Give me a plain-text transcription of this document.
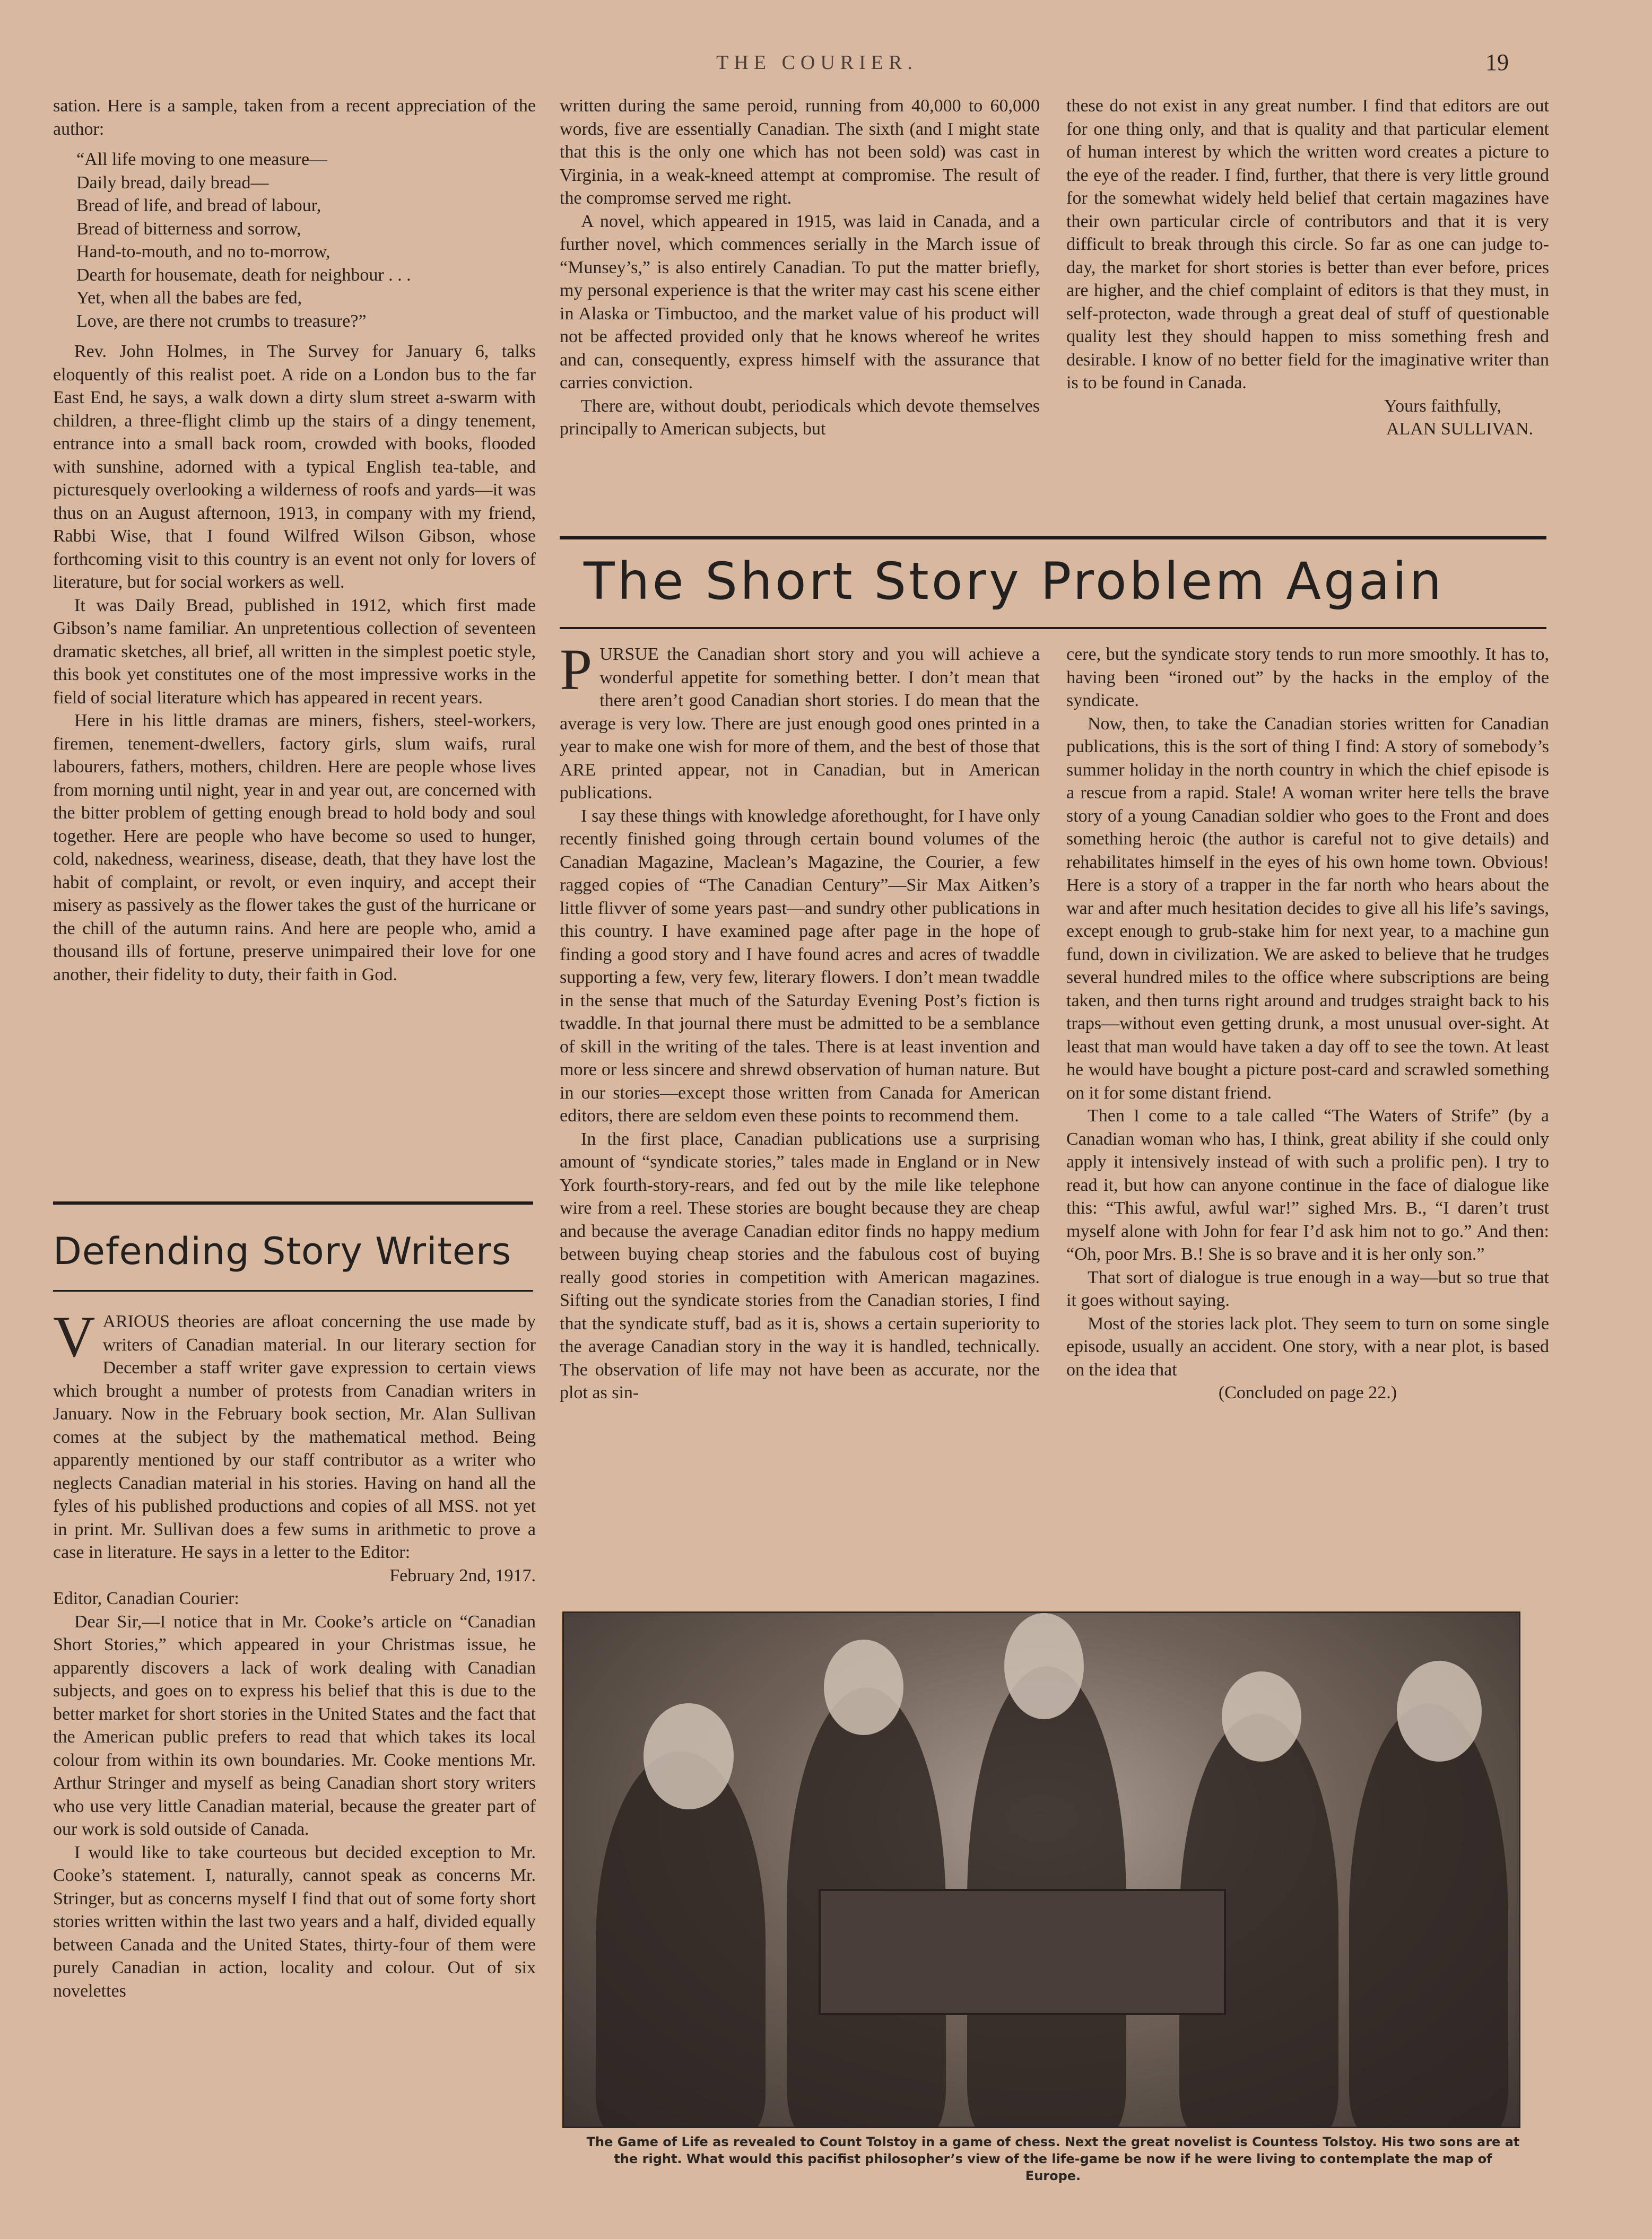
THE COURIER.	19

sation. Here is a sample, taken from a recent appreciation of the author:

“All life moving to one measure—
Daily bread, daily bread—
Bread of life, and bread of labour,
Bread of bitterness and sorrow,
Hand-to-mouth, and no to-morrow,
Dearth for housemate, death for neighbour . . .
Yet, when all the babes are fed,
Love, are there not crumbs to treasure?”

Rev. John Holmes, in The Survey for January 6, talks eloquently of this realist poet. A ride on a London bus to the far East End, he says, a walk down a dirty slum street a-swarm with children, a three-flight climb up the stairs of a dingy tenement, entrance into a small back room, crowded with books, flooded with sunshine, adorned with a typical English tea-table, and picturesquely overlooking a wilderness of roofs and yards—it was thus on an August afternoon, 1913, in company with my friend, Rabbi Wise, that I found Wilfred Wilson Gibson, whose forthcoming visit to this country is an event not only for lovers of literature, but for social workers as well.

It was Daily Bread, published in 1912, which first made Gibson’s name familiar. An unpretentious collection of seventeen dramatic sketches, all brief, all written in the simplest poetic style, this book yet constitutes one of the most impressive works in the field of social literature which has appeared in recent years.

Here in his little dramas are miners, fishers, steel-workers, firemen, tenement-dwellers, factory girls, slum waifs, rural labourers, fathers, mothers, children. Here are people whose lives from morning until night, year in and year out, are concerned with the bitter problem of getting enough bread to hold body and soul together. Here are people who have become so used to hunger, cold, nakedness, weariness, disease, death, that they have lost the habit of complaint, or revolt, or even inquiry, and accept their misery as passively as the flower takes the gust of the hurricane or the chill of the autumn rains. And here are people who, amid a thousand ills of fortune, preserve unimpaired their love for one another, their fidelity to duty, their faith in God.

Defending Story Writers

VARIOUS theories are afloat concerning the use made by writers of Canadian material. In our literary section for December a staff writer gave expression to certain views which brought a number of protests from Canadian writers in January. Now in the February book section, Mr. Alan Sullivan comes at the subject by the mathematical method. Being apparently mentioned by our staff contributor as a writer who neglects Canadian material in his stories. Having on hand all the fyles of his published productions and copies of all MSS. not yet in print. Mr. Sullivan does a few sums in arithmetic to prove a case in literature. He says in a letter to the Editor:

February 2nd, 1917.

Editor, Canadian Courier:

Dear Sir,—I notice that in Mr. Cooke’s article on “Canadian Short Stories,” which appeared in your Christmas issue, he apparently discovers a lack of work dealing with Canadian subjects, and goes on to express his belief that this is due to the better market for short stories in the United States and the fact that the American public prefers to read that which takes its local colour from within its own boundaries. Mr. Cooke mentions Mr. Arthur Stringer and myself as being Canadian short story writers who use very little Canadian material, because the greater part of our work is sold outside of Canada.

I would like to take courteous but decided exception to Mr. Cooke’s statement. I, naturally, cannot speak as concerns Mr. Stringer, but as concerns myself I find that out of some forty short stories written within the last two years and a half, divided equally between Canada and the United States, thirty-four of them were purely Canadian in action, locality and colour. Out of six novelettes

written during the same peroid, running from 40,000 to 60,000 words, five are essentially Canadian. The sixth (and I might state that this is the only one which has not been sold) was cast in Virginia, in a weak-kneed attempt at compromise. The result of the compromse served me right.

A novel, which appeared in 1915, was laid in Canada, and a further novel, which commences serially in the March issue of “Munsey’s,” is also entirely Canadian. To put the matter briefly, my personal experience is that the writer may cast his scene either in Alaska or Timbuctoo, and the market value of his product will not be affected provided only that he knows whereof he writes and can, consequently, express himself with the assurance that carries conviction.

There are, without doubt, periodicals which devote themselves principally to American subjects, but

these do not exist in any great number. I find that editors are out for one thing only, and that is quality and that particular element of human interest by which the written word creates a picture to the eye of the reader. I find, further, that there is very little ground for the somewhat widely held belief that certain magazines have their own particular circle of contributors and that it is very difficult to break through this circle. So far as one can judge to-day, the market for short stories is better than ever before, prices are higher, and the chief complaint of editors is that they must, in self-protecton, wade through a great deal of stuff of questionable quality lest they should happen to miss something fresh and desirable. I know of no better field for the imaginative writer than is to be found in Canada.

Yours faithfully,

ALAN SULLIVAN.

The Short Story Problem Again

PURSUE the Canadian short story and you will achieve a wonderful appetite for something better. I don’t mean that there aren’t good Canadian short stories. I do mean that the average is very low. There are just enough good ones printed in a year to make one wish for more of them, and the best of those that ARE printed appear, not in Canadian, but in American publications.

I say these things with knowledge aforethought, for I have only recently finished going through certain bound volumes of the Canadian Magazine, Maclean’s Magazine, the Courier, a few ragged copies of “The Canadian Century”—Sir Max Aitken’s little flivver of some years past—and sundry other publications in this country. I have examined page after page in the hope of finding a good story and I have found acres and acres of twaddle supporting a few, very few, literary flowers. I don’t mean twaddle in the sense that much of the Saturday Evening Post’s fiction is twaddle. In that journal there must be admitted to be a semblance of skill in the writing of the tales. There is at least invention and more or less sincere and shrewd observation of human nature. But in our stories—except those written from Canada for American editors, there are seldom even these points to recommend them.

In the first place, Canadian publications use a surprising amount of “syndicate stories,” tales made in England or in New York fourth-story-rears, and fed out by the mile like telephone wire from a reel. These stories are bought because they are cheap and because the average Canadian editor finds no happy medium between buying cheap stories and the fabulous cost of buying really good stories in competition with American magazines. Sifting out the syndicate stories from the Canadian stories, I find that the syndicate stuff, bad as it is, shows a certain superiority to the average Canadian story in the way it is handled, technically. The observation of life may not have been as accurate, nor the plot as sin-

cere, but the syndicate story tends to run more smoothly. It has to, having been “ironed out” by the hacks in the employ of the syndicate.

Now, then, to take the Canadian stories written for Canadian publications, this is the sort of thing I find: A story of somebody’s summer holiday in the north country in which the chief episode is a rescue from a rapid. Stale! A woman writer here tells the brave story of a young Canadian soldier who goes to the Front and does something heroic (the author is careful not to give details) and rehabilitates himself in the eyes of his own home town. Obvious! Here is a story of a trapper in the far north who hears about the war and after much hesitation decides to give all his life’s savings, except enough to grub-stake him for next year, to a machine gun fund, down in civilization. We are asked to believe that he trudges several hundred miles to the office where subscriptions are being taken, and then turns right around and trudges straight back to his traps—without even getting drunk, a most unusual over-sight. At least that man would have taken a day off to see the town. At least he would have bought a picture post-card and scrawled something on it for some distant friend.

Then I come to a tale called “The Waters of Strife” (by a Canadian woman who has, I think, great ability if she could only apply it intensively instead of with such a prolific pen). I try to read it, but how can anyone continue in the face of dialogue like this: “This awful, awful war!” sighed Mrs. B., “I daren’t trust myself alone with John for fear I’d ask him not to go.” And then: “Oh, poor Mrs. B.! She is so brave and it is her only son.”

That sort of dialogue is true enough in a way—but so true that it goes without saying.

Most of the stories lack plot. They seem to turn on some single episode, usually an accident. One story, with a near plot, is based on the idea that

(Concluded on page 22.)

The Game of Life as revealed to Count Tolstoy in a game of chess. Next the great novelist is Countess Tolstoy. His two sons are at the right. What would this pacifist philosopher’s view of the life-game be now if he were living to contemplate the map of Europe.
